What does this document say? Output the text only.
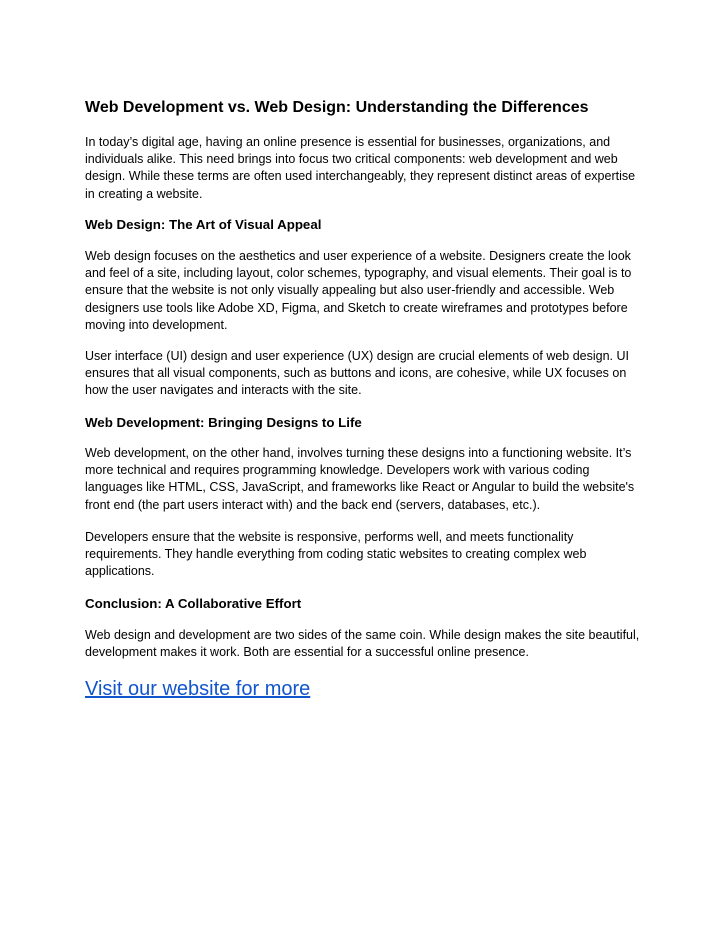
Web Development vs. Web Design: Understanding the Differences

In today’s digital age, having an online presence is essential for businesses, organizations, and individuals alike. This need brings into focus two critical components: web development and web design. While these terms are often used interchangeably, they represent distinct areas of expertise in creating a website.

Web Design: The Art of Visual Appeal

Web design focuses on the aesthetics and user experience of a website. Designers create the look and feel of a site, including layout, color schemes, typography, and visual elements. Their goal is to ensure that the website is not only visually appealing but also user-friendly and accessible. Web designers use tools like Adobe XD, Figma, and Sketch to create wireframes and prototypes before moving into development.

User interface (UI) design and user experience (UX) design are crucial elements of web design. UI ensures that all visual components, such as buttons and icons, are cohesive, while UX focuses on how the user navigates and interacts with the site.

Web Development: Bringing Designs to Life

Web development, on the other hand, involves turning these designs into a functioning website. It’s more technical and requires programming knowledge. Developers work with various coding languages like HTML, CSS, JavaScript, and frameworks like React or Angular to build the website's front end (the part users interact with) and the back end (servers, databases, etc.).

Developers ensure that the website is responsive, performs well, and meets functionality requirements. They handle everything from coding static websites to creating complex web applications.

Conclusion: A Collaborative Effort

Web design and development are two sides of the same coin. While design makes the site beautiful, development makes it work. Both are essential for a successful online presence.

Visit our website for more
